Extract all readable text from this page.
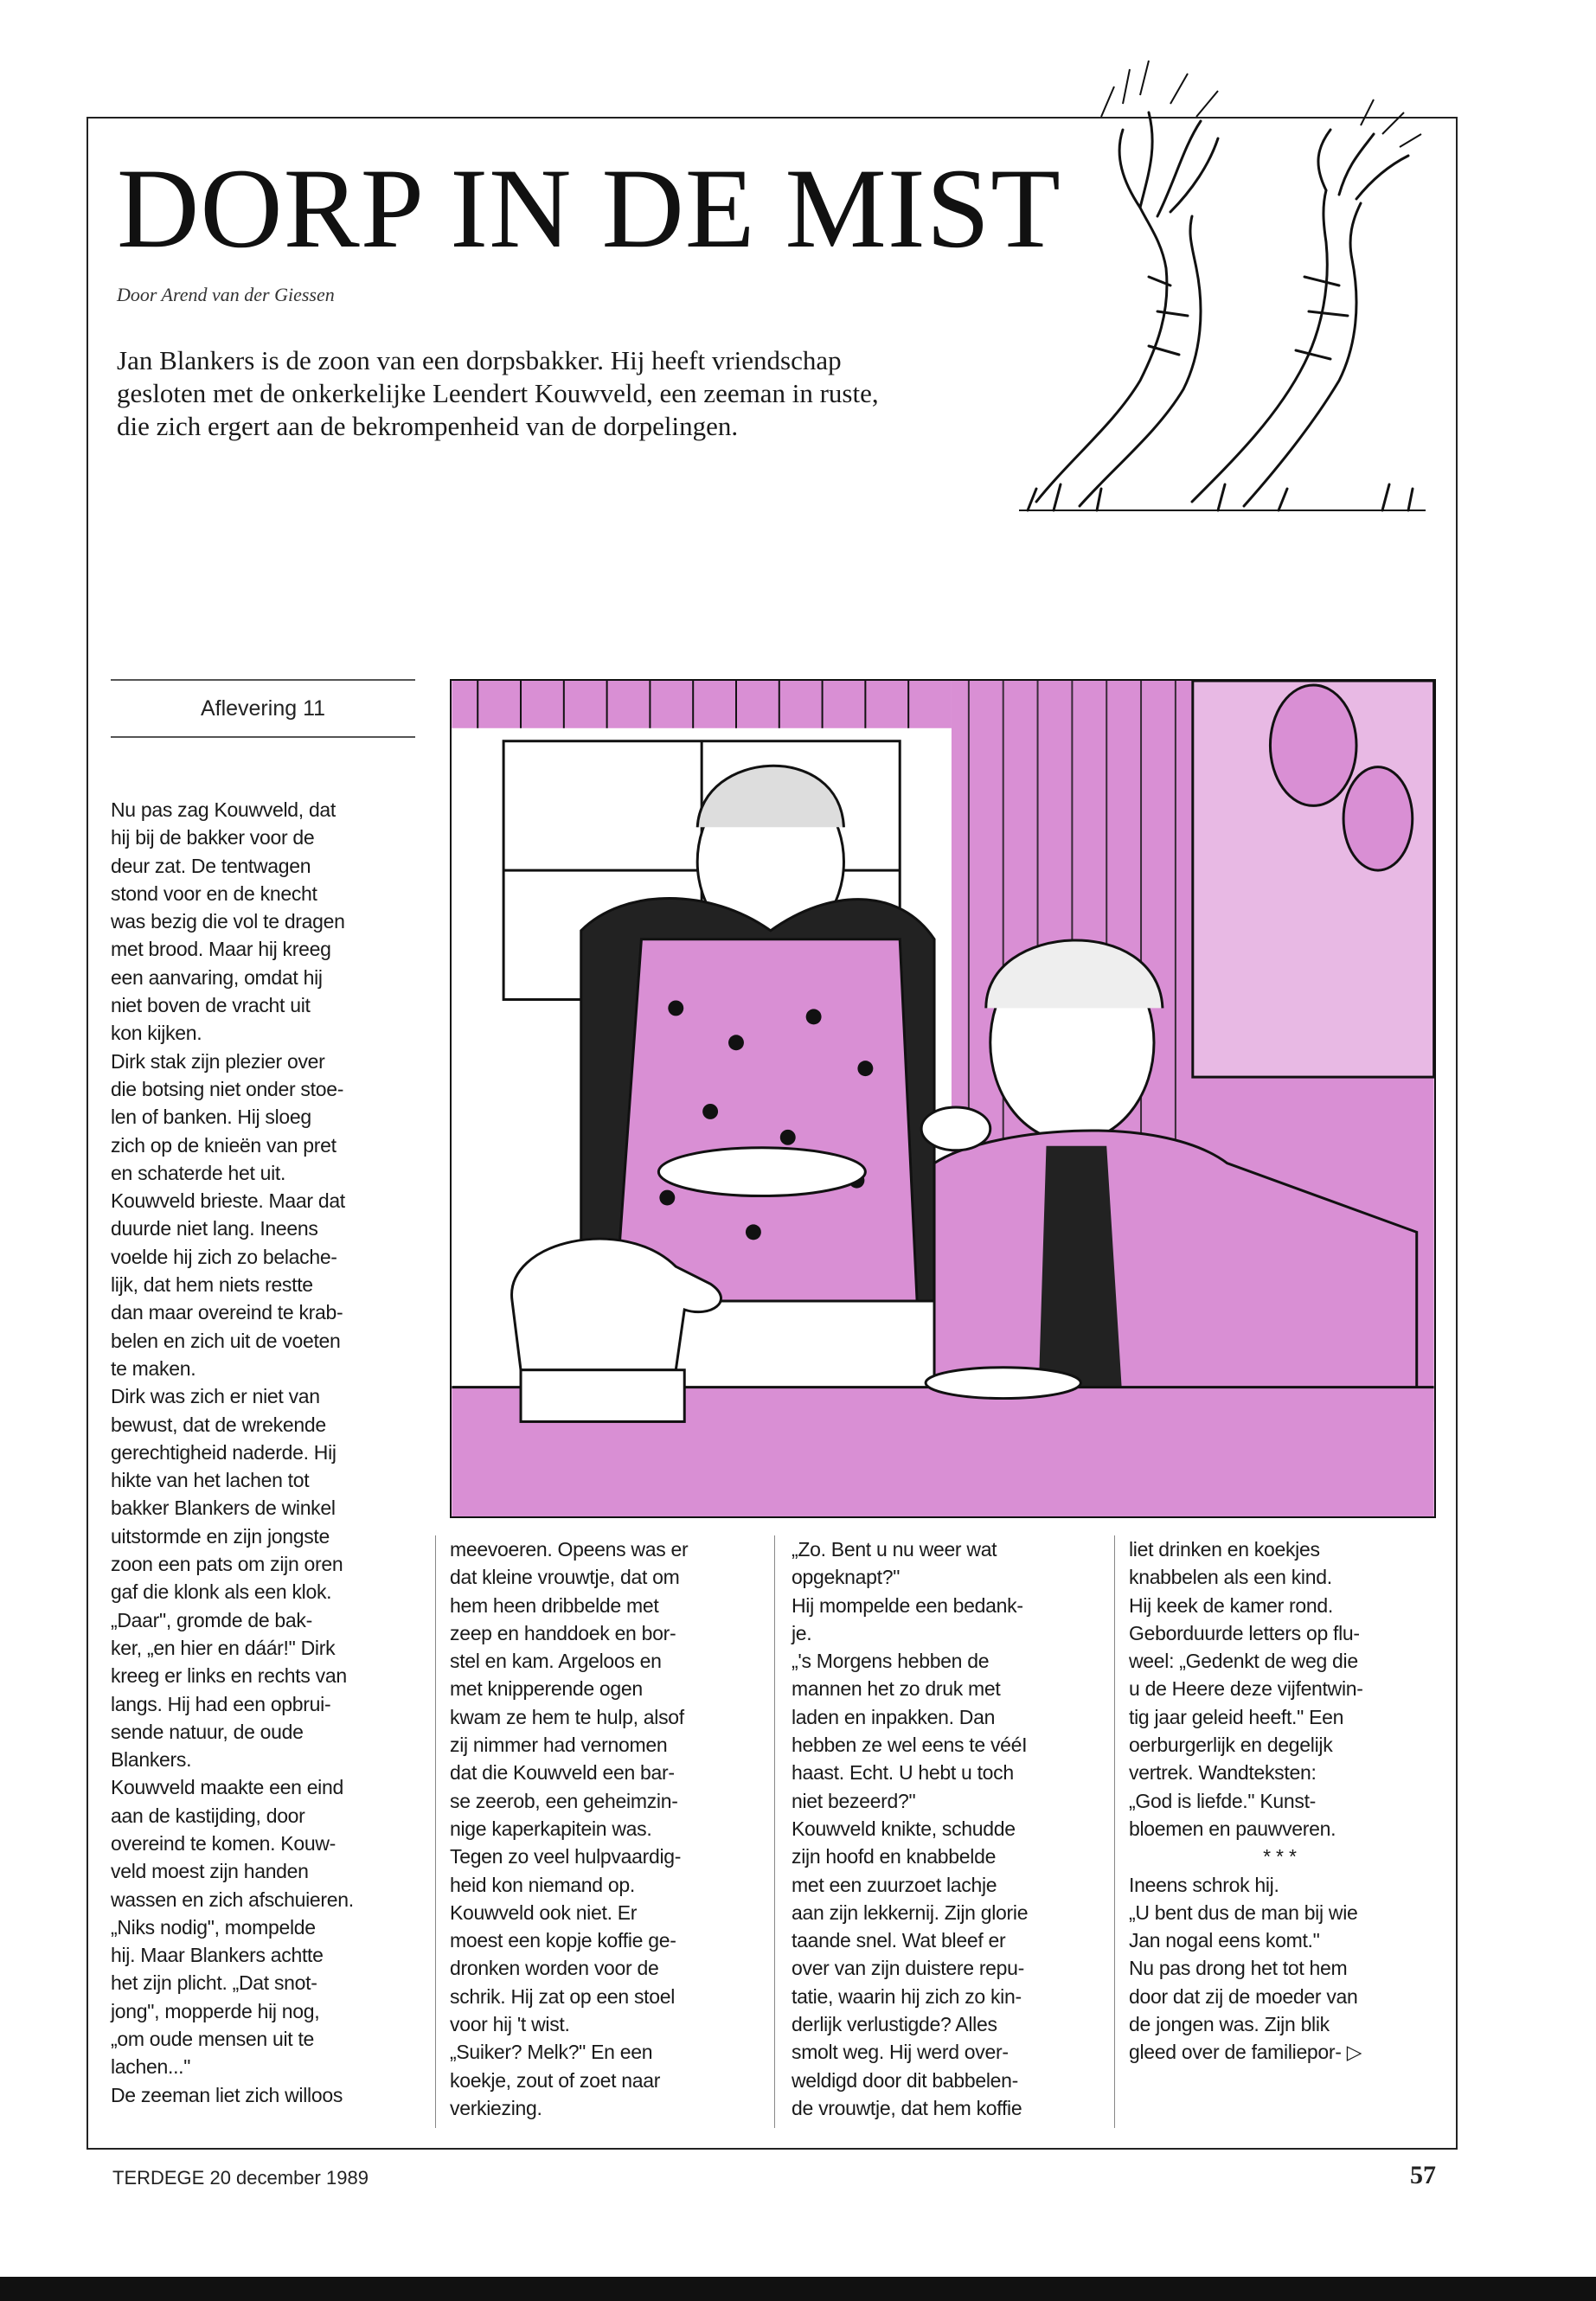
DORP IN DE MIST
Door Arend van der Giessen
Jan Blankers is de zoon van een dorpsbakker. Hij heeft vriendschap gesloten met de onkerkelijke Leendert Kouwveld, een zeeman in ruste, die zich ergert aan de bekrompenheid van de dorpelingen.
Aflevering 11

Nu pas zag Kouwveld, dat
hij bij de bakker voor de
deur zat. De tentwagen
stond voor en de knecht
was bezig die vol te dragen
met brood. Maar hij kreeg
een aanvaring, omdat hij
niet boven de vracht uit
kon kijken.
Dirk stak zijn plezier over
die botsing niet onder stoe-
len of banken. Hij sloeg
zich op de knieën van pret
en schaterde het uit.
Kouwveld brieste. Maar dat
duurde niet lang. Ineens
voelde hij zich zo belache-
lijk, dat hem niets restte
dan maar overeind te krab-
belen en zich uit de voeten
te maken.
Dirk was zich er niet van
bewust, dat de wrekende
gerechtigheid naderde. Hij
hikte van het lachen tot
bakker Blankers de winkel
uitstormde en zijn jongste
zoon een pats om zijn oren
gaf die klonk als een klok.
„Daar", gromde de bak-
ker, „en hier en dáár!" Dirk
kreeg er links en rechts van
langs. Hij had een opbrui-
sende natuur, de oude
Blankers.
Kouwveld maakte een eind
aan de kastijding, door
overeind te komen. Kouw-
veld moest zijn handen
wassen en zich afschuieren.
„Niks nodig", mompelde
hij. Maar Blankers achtte
het zijn plicht. „Dat snot-
jong", mopperde hij nog,
„om oude mensen uit te
lachen..."
De zeeman liet zich willoos

meevoeren. Opeens was er
dat kleine vrouwtje, dat om
hem heen dribbelde met
zeep en handdoek en bor-
stel en kam. Argeloos en
met knipperende ogen
kwam ze hem te hulp, alsof
zij nimmer had vernomen
dat die Kouwveld een bar-
se zeerob, een geheimzin-
nige kaperkapitein was.
Tegen zo veel hulpvaardig-
heid kon niemand op.
Kouwveld ook niet. Er
moest een kopje koffie ge-
dronken worden voor de
schrik. Hij zat op een stoel
voor hij 't wist.
„Suiker? Melk?" En een
koekje, zout of zoet naar
verkiezing.

„Zo. Bent u nu weer wat
opgeknapt?"
Hij mompelde een bedank-
je.
„'s Morgens hebben de
mannen het zo druk met
laden en inpakken. Dan
hebben ze wel eens te vééI
haast. Echt. U hebt u toch
niet bezeerd?"
Kouwveld knikte, schudde
zijn hoofd en knabbelde
met een zuurzoet lachje
aan zijn lekkernij. Zijn glorie
taande snel. Wat bleef er
over van zijn duistere repu-
tatie, waarin hij zich zo kin-
derlijk verlustigde? Alles
smolt weg. Hij werd over-
weldigd door dit babbelen-
de vrouwtje, dat hem koffie

liet drinken en koekjes
knabbelen als een kind.
Hij keek de kamer rond.
Geborduurde letters op flu-
weel: „Gedenkt de weg die
u de Heere deze vijfentwin-
tig jaar geleid heeft." Een
oerburgerlijk en degelijk
vertrek. Wandteksten:
„God is liefde." Kunst-
bloemen en pauwveren.

***

Ineens schrok hij.
„U bent dus de man bij wie
Jan nogal eens komt."
Nu pas drong het tot hem
door dat zij de moeder van
de jongen was. Zijn blik
gleed over de familiepor- ▷

TERDEGE 20 december 1989	57
